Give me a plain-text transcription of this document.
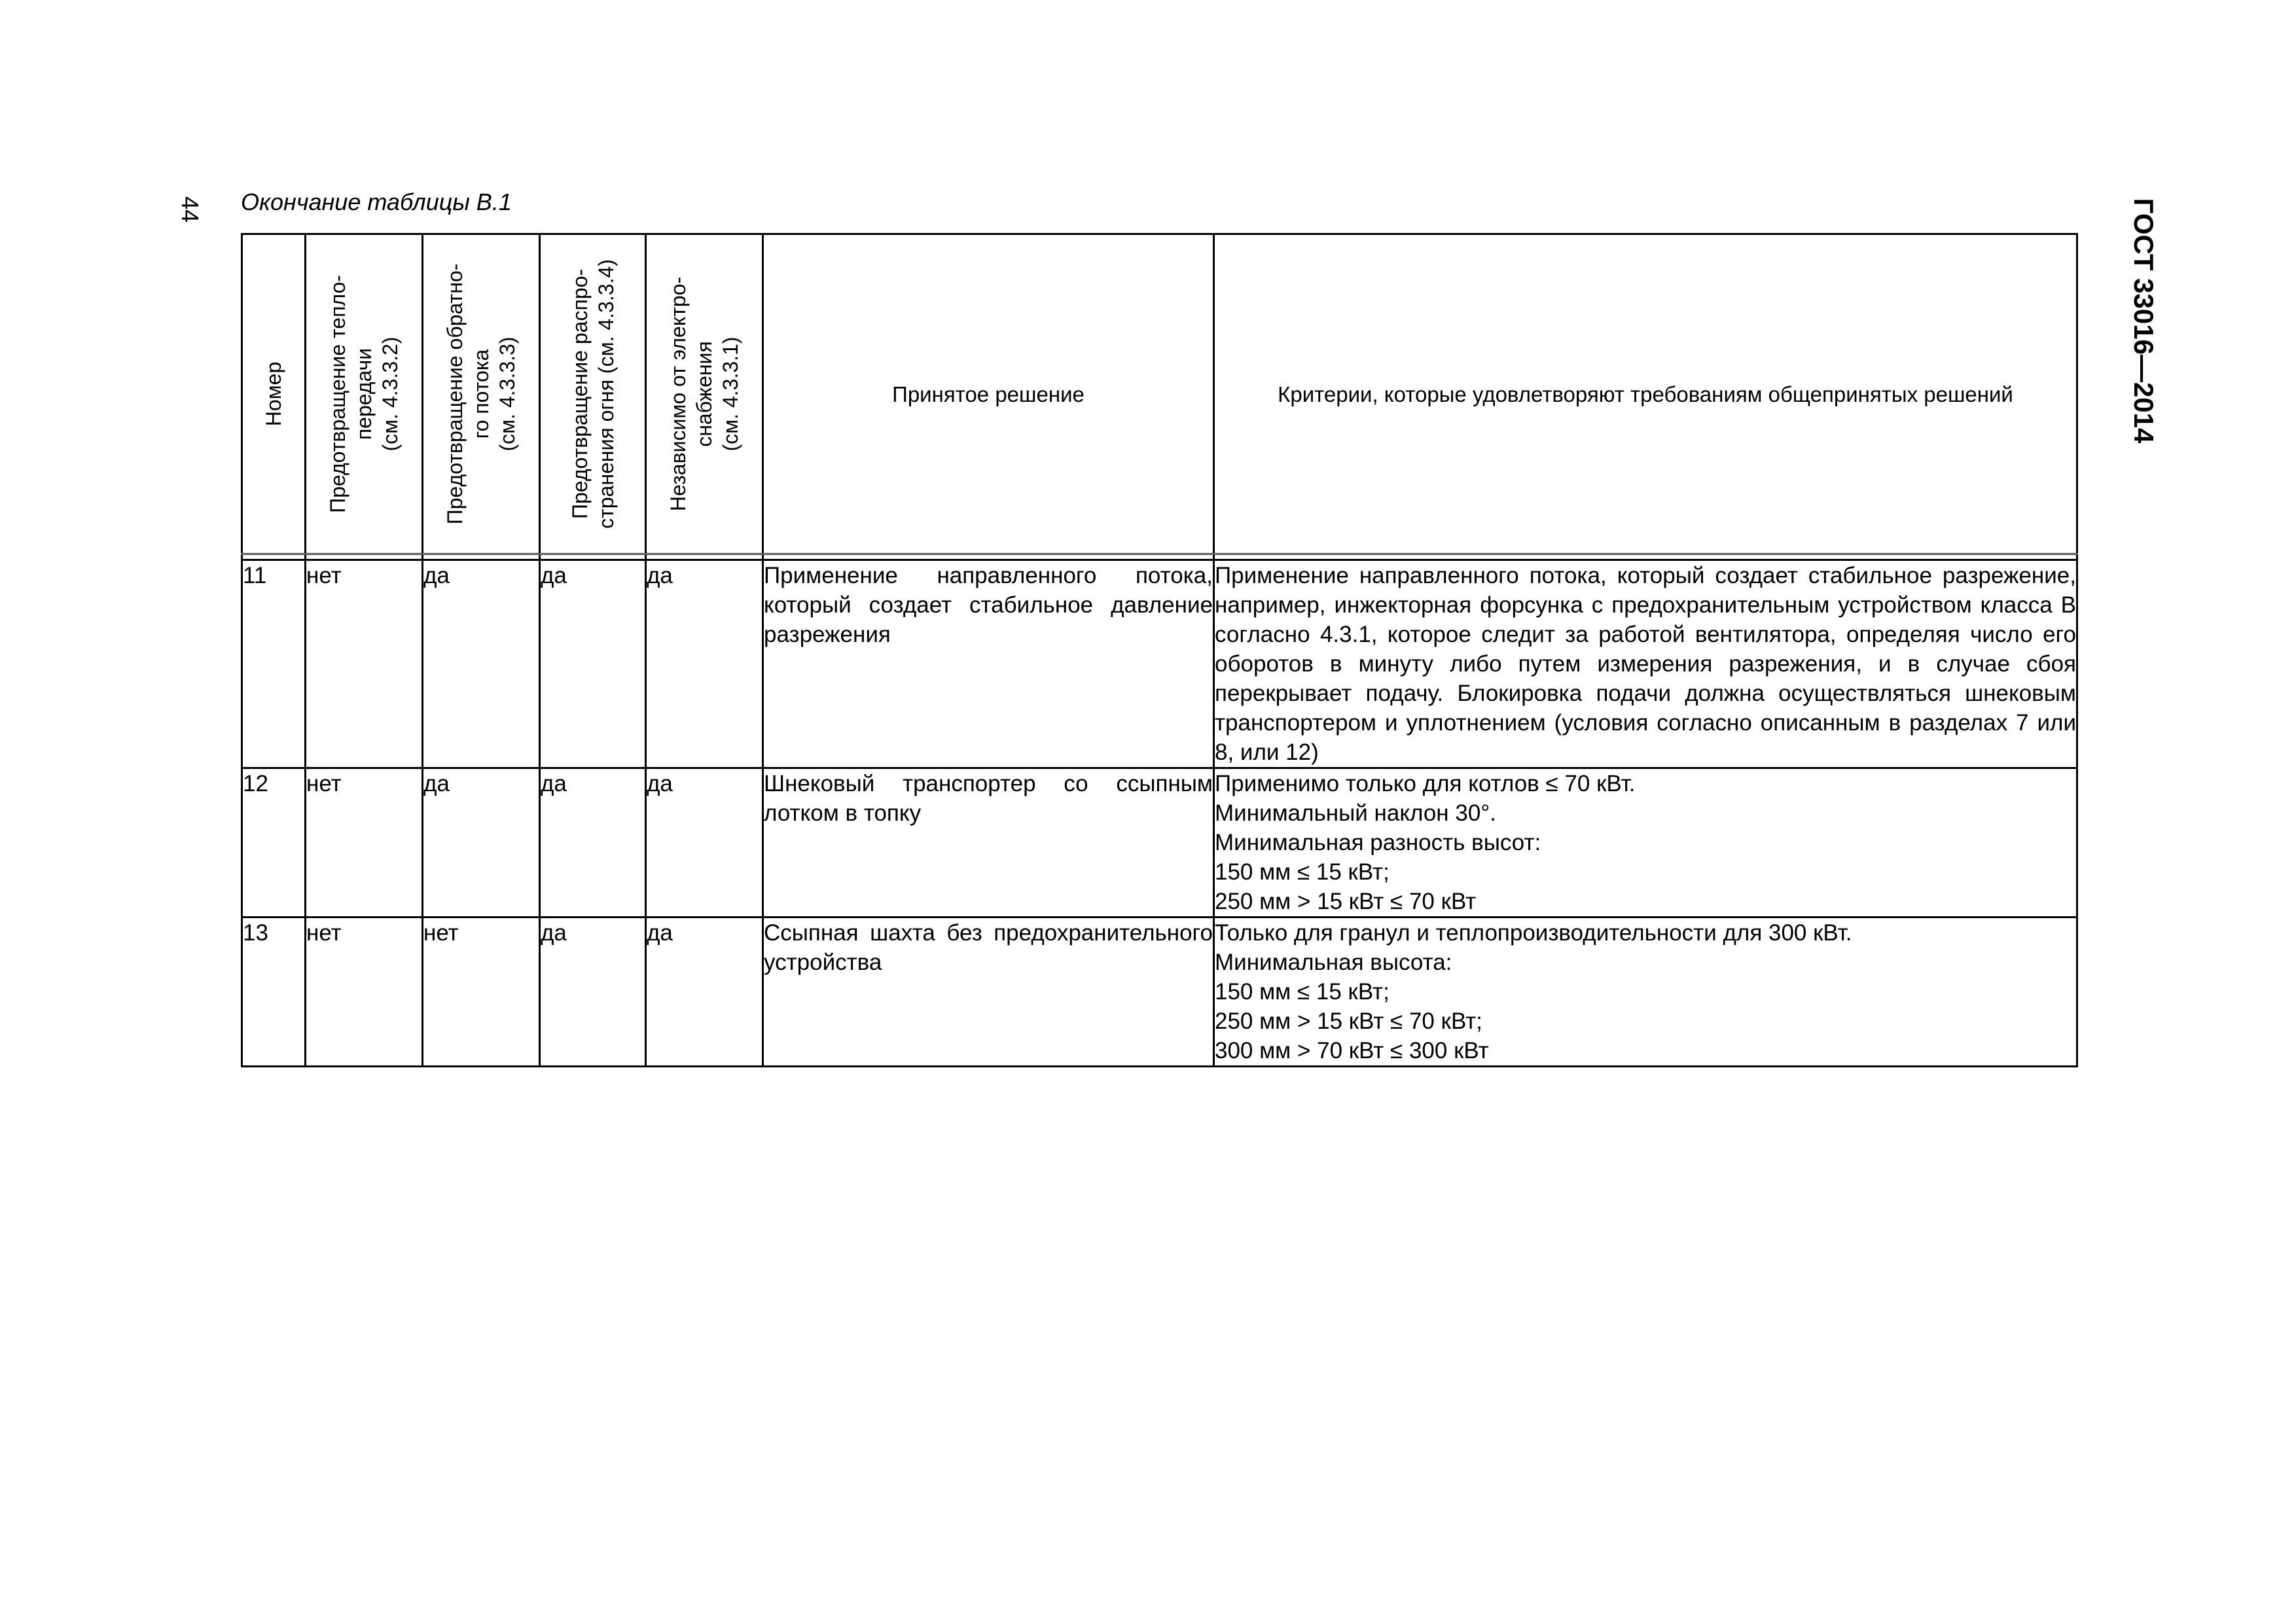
44 Окончание таблицы В.1	ГОСТ 33016—2014
Номер	Предотвращение тепло- передачи (см. 4.3.3.2)	Предотвращение обратно- го потока (см. 4.3.3.3)	Предотвращение распро- странения огня (см. 4.3.3.4)	Независимо от электро- снабжения (см. 4.3.3.1)	Принятое решение	Критерии, которые удовлетворяют требованиям общепринятых решений

11	нет	да	да	да	Применение направленного потока, который создает стабильное давление разрежения	Применение направленного потока, который создает стабильное разрежение, например, инжекторная форсунка с предохранительным устройством класса В согласно 4.3.1, которое следит за работой вентилятора, определяя число его оборотов в минуту либо путем измерения разрежения, и в случае сбоя перекрывает подачу. Блокировка подачи должна осуществляться шнековым транспортером и уплотнением (условия согласно описанным в разделах 7 или 8, или 12)

12	нет	да	да	да	Шнековый транспортер со ссыпным лотком в топку	Применимо только для котлов ≤ 70 кВт.
Минимальный наклон 30°.
Минимальная разность высот:
150 мм ≤ 15 кВт;
250 мм > 15 кВт ≤ 70 кВт

13	нет	нет	да	да	Ссыпная шахта без предохранительного устройства	Только для гранул и теплопроизводительности для 300 кВт.
Минимальная высота:
150 мм ≤ 15 кВт;
250 мм > 15 кВт ≤ 70 кВт;
300 мм > 70 кВт ≤ 300 кВт
